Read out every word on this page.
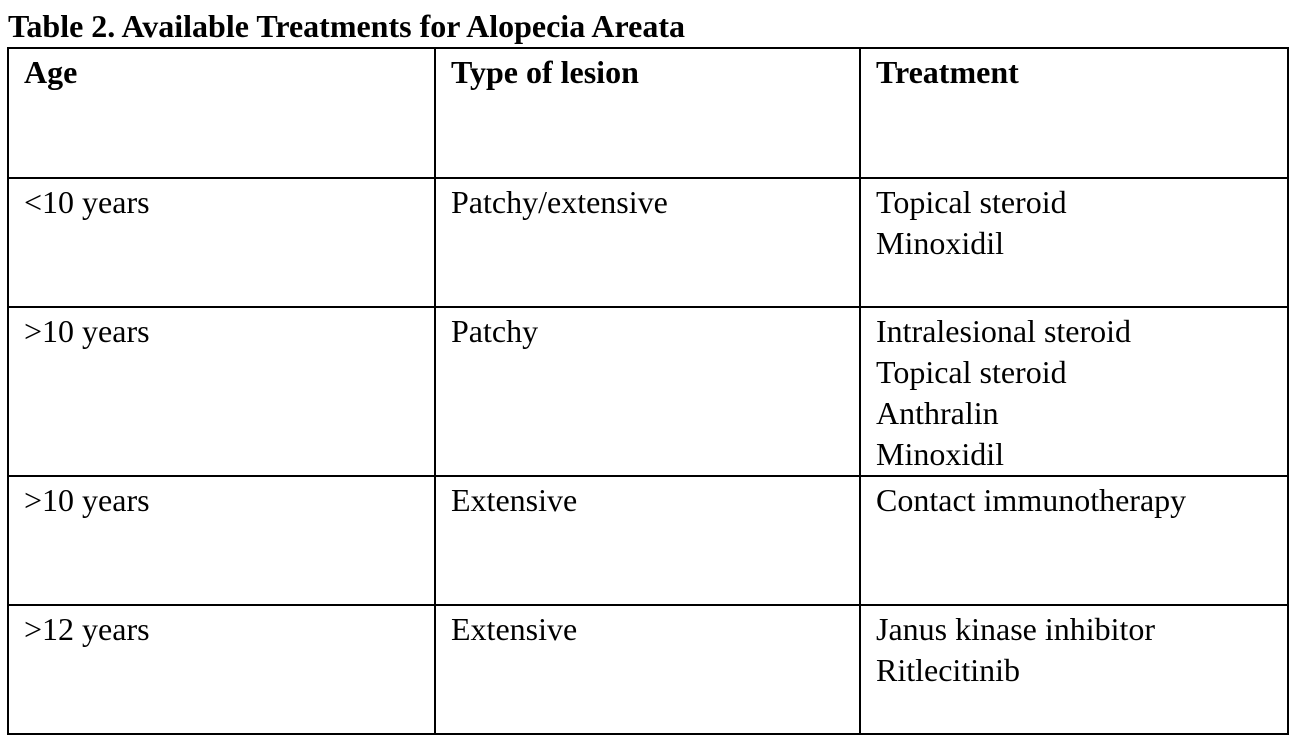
Table 2. Available Treatments for Alopecia Areata
Age	Type of lesion	Treatment
<10 years	Patchy/extensive	Topical steroid
Minoxidil

>10 years	Patchy	Intralesional steroid
Topical steroid
Anthralin
Minoxidil

>10 years	Extensive	Contact immunotherapy

>12 years	Extensive	Janus kinase inhibitor
Ritlecitinib
